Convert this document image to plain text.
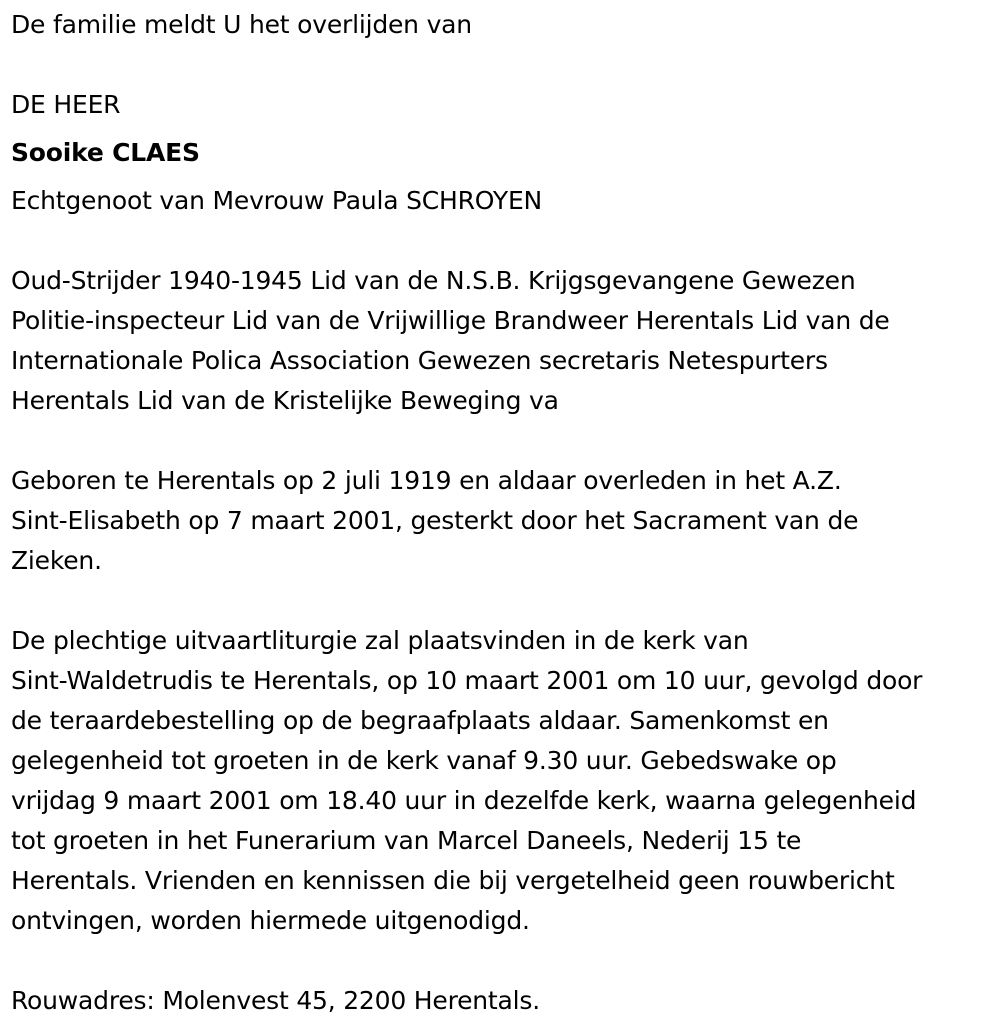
De familie meldt U het overlijden van
DE HEER
Sooike CLAES
Echtgenoot van Mevrouw Paula SCHROYEN
Oud-Strijder 1940-1945 Lid van de N.S.B. Krijgsgevangene Gewezen
Politie-inspecteur Lid van de Vrijwillige Brandweer Herentals Lid van de
Internationale Polica Association Gewezen secretaris Netespurters
Herentals Lid van de Kristelijke Beweging va
Geboren te Herentals op 2 juli 1919 en aldaar overleden in het A.Z.
Sint-Elisabeth op 7 maart 2001, gesterkt door het Sacrament van de
Zieken.
De plechtige uitvaartliturgie zal plaatsvinden in de kerk van
Sint-Waldetrudis te Herentals, op 10 maart 2001 om 10 uur, gevolgd door
de teraardebestelling op de begraafplaats aldaar. Samenkomst en
gelegenheid tot groeten in de kerk vanaf 9.30 uur. Gebedswake op
vrijdag 9 maart 2001 om 18.40 uur in dezelfde kerk, waarna gelegenheid
tot groeten in het Funerarium van Marcel Daneels, Nederij 15 te
Herentals. Vrienden en kennissen die bij vergetelheid geen rouwbericht
ontvingen, worden hiermede uitgenodigd.
Rouwadres: Molenvest 45, 2200 Herentals.
